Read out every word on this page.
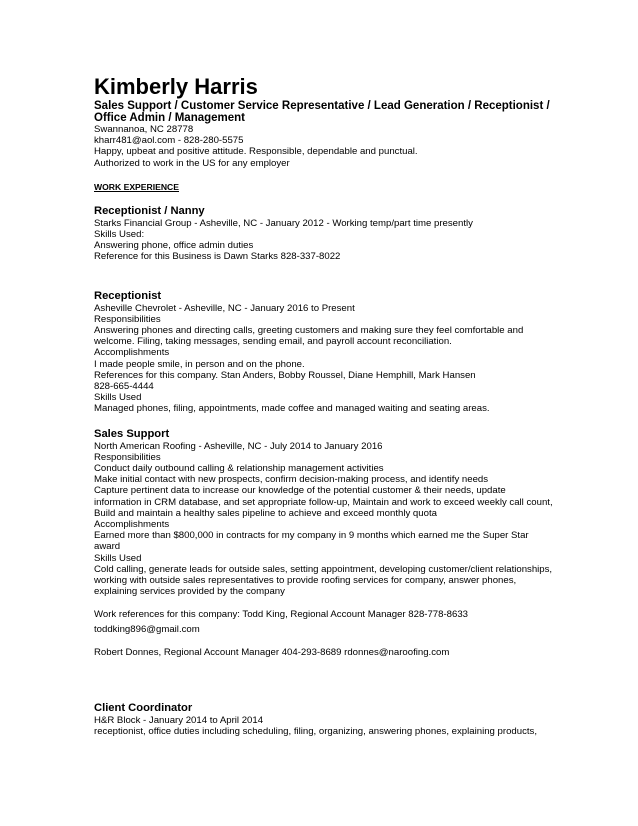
Kimberly Harris
Sales Support / Customer Service Representative / Lead Generation / Receptionist /
Office Admin / Management
Swannanoa, NC 28778
kharr481@aol.com - 828-280-5575
Happy, upbeat and positive attitude. Responsible, dependable and punctual.
Authorized to work in the US for any employer
WORK EXPERIENCE
Receptionist / Nanny
Starks Financial Group - Asheville, NC - January 2012 - Working temp/part time presently
Skills Used:
Answering phone, office admin duties
Reference for this Business is Dawn Starks 828-337-8022
Receptionist
Asheville Chevrolet - Asheville, NC - January 2016 to Present
Responsibilities
Answering phones and directing calls, greeting customers and making sure they feel comfortable and
welcome. Filing, taking messages, sending email, and payroll account reconciliation.
Accomplishments
I made people smile, in person and on the phone.
References for this company. Stan Anders, Bobby Roussel, Diane Hemphill, Mark Hansen
828-665-4444
Skills Used
Managed phones, filing, appointments, made coffee and managed waiting and seating areas.
Sales Support
North American Roofing - Asheville, NC - July 2014 to January 2016
Responsibilities
Conduct daily outbound calling & relationship management activities
Make initial contact with new prospects, confirm decision-making process, and identify needs
Capture pertinent data to increase our knowledge of the potential customer & their needs, update
information in CRM database, and set appropriate follow-up, Maintain and work to exceed weekly call count,
Build and maintain a healthy sales pipeline to achieve and exceed monthly quota
Accomplishments
Earned more than $800,000 in contracts for my company in 9 months which earned me the Super Star
award
Skills Used
Cold calling, generate leads for outside sales, setting appointment, developing customer/client relationships,
working with outside sales representatives to provide roofing services for company, answer phones,
explaining services provided by the company
Work references for this company: Todd King, Regional Account Manager 828-778-8633
toddking896@gmail.com
Robert Donnes, Regional Account Manager 404-293-8689 rdonnes@naroofing.com
Client Coordinator
H&R Block - January 2014 to April 2014
receptionist, office duties including scheduling, filing, organizing, answering phones, explaining products,
